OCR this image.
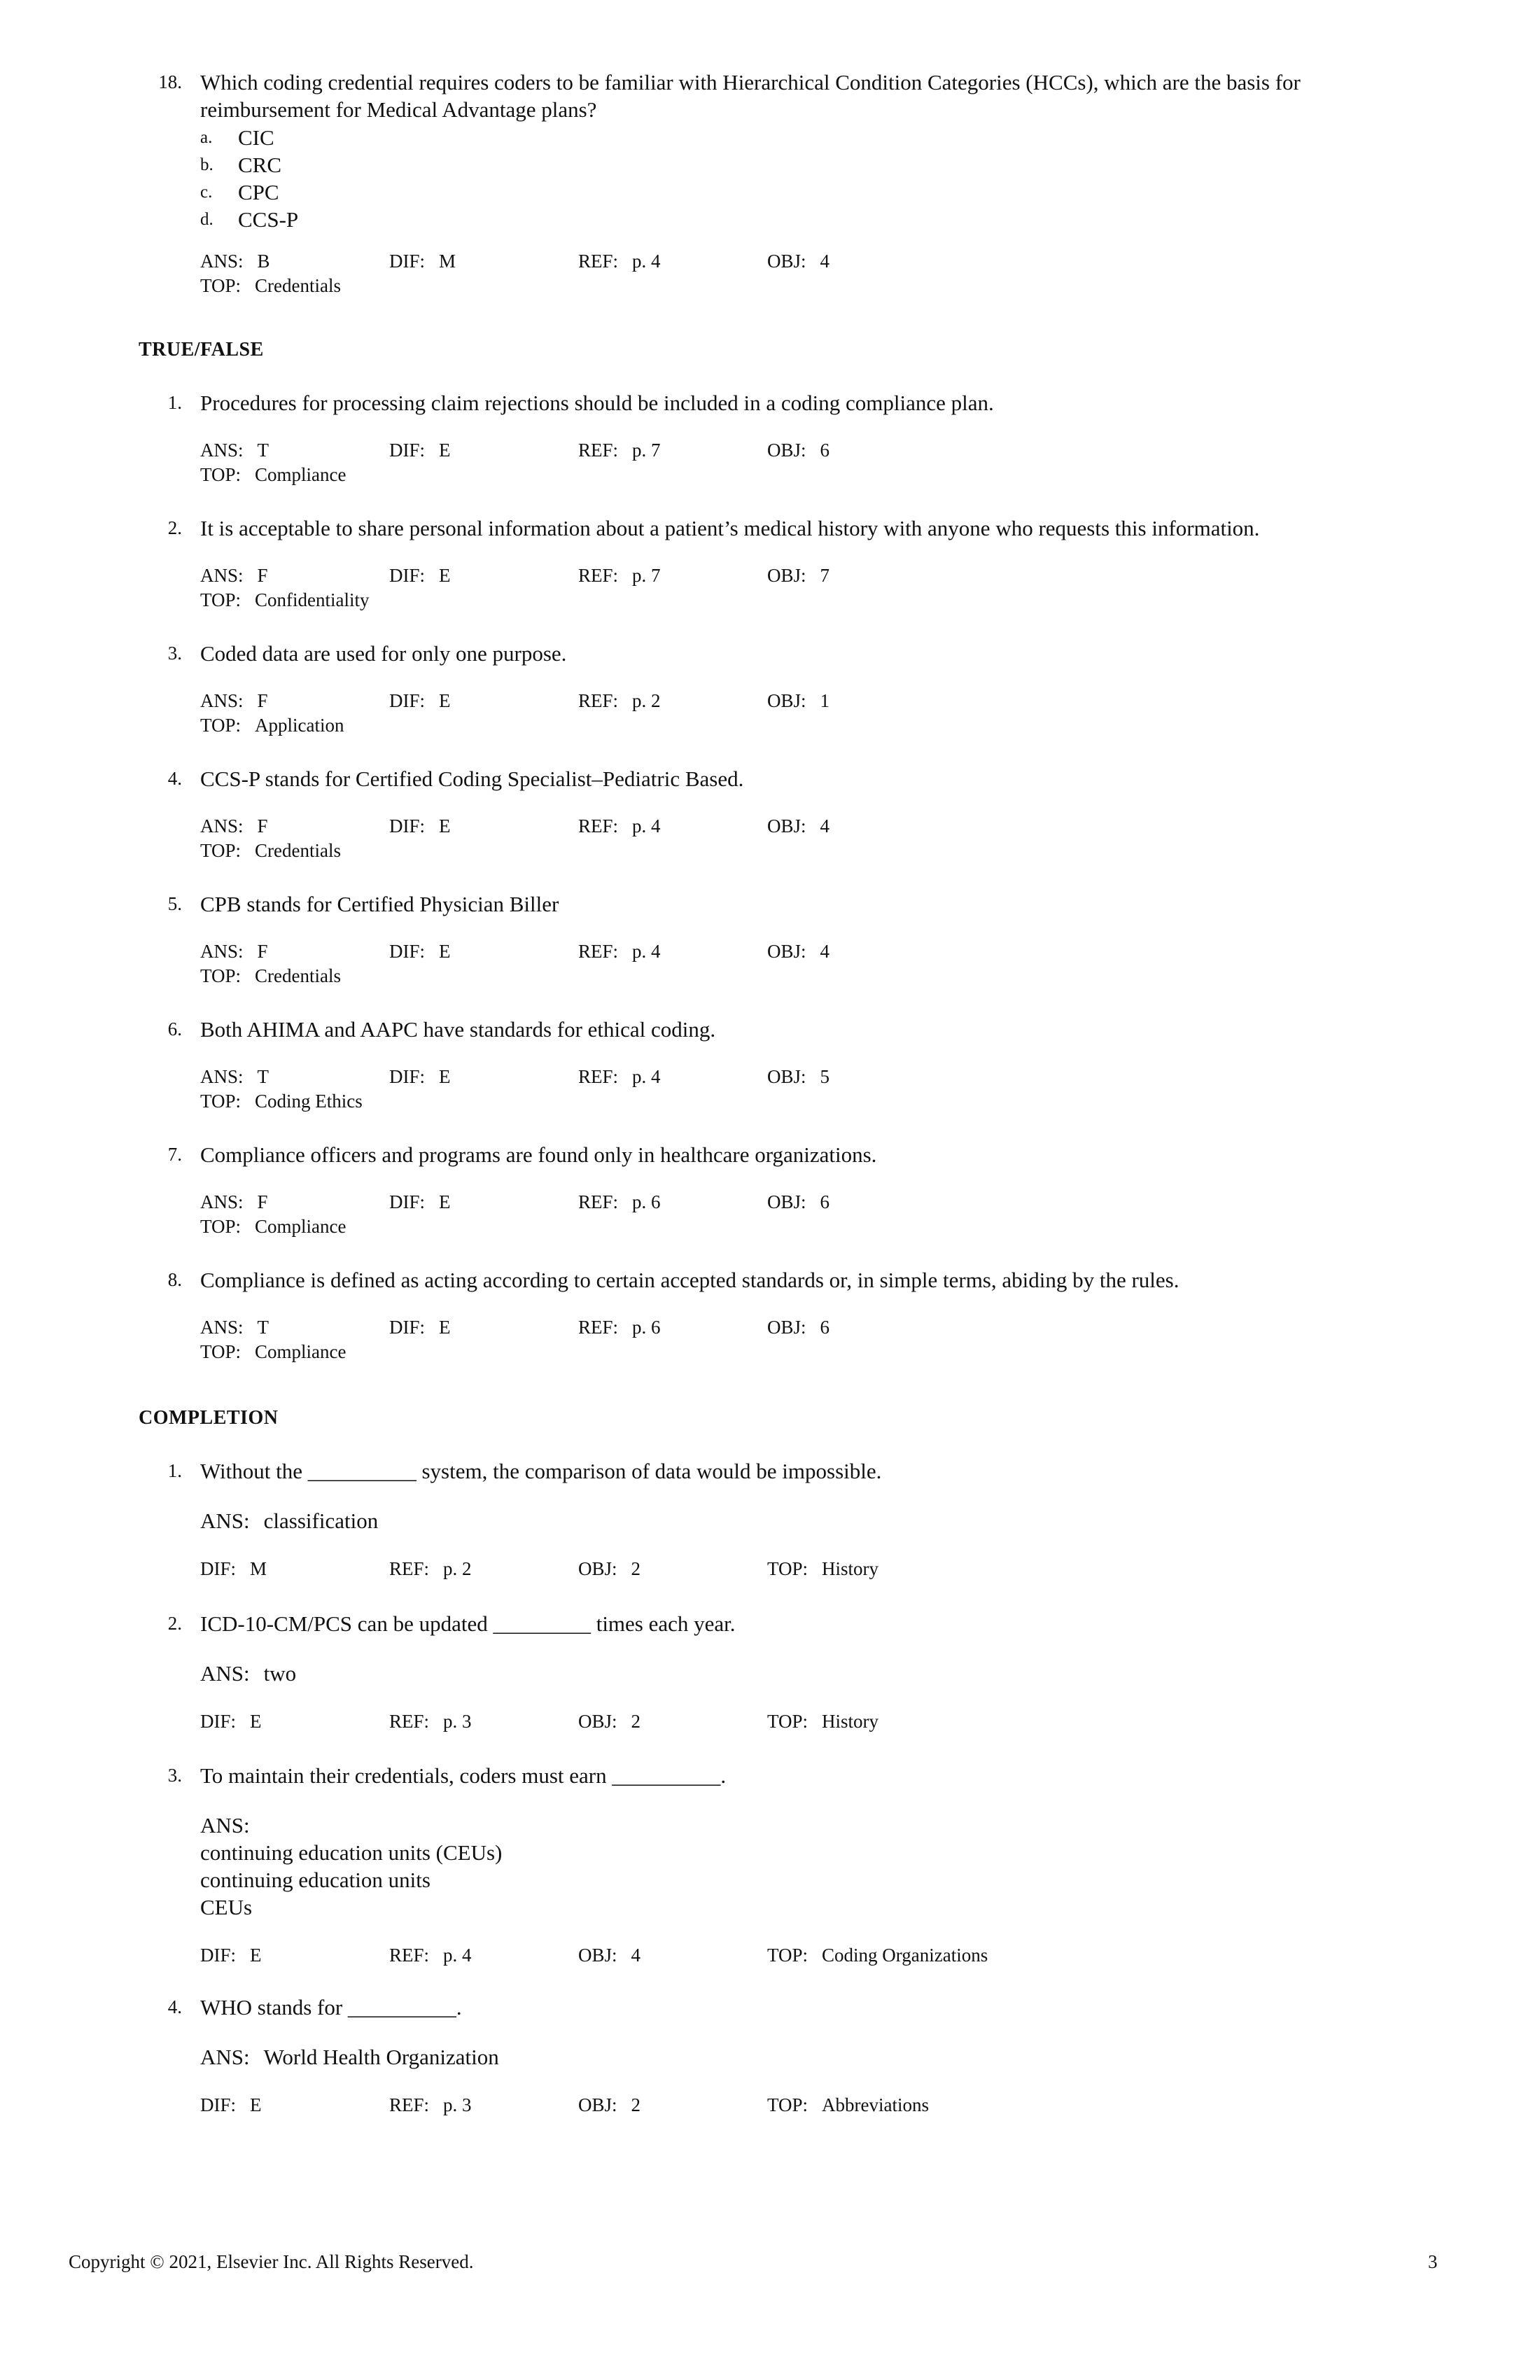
18. Which coding credential requires coders to be familiar with Hierarchical Condition Categories (HCCs), which are the basis for
reimbursement for Medical Advantage plans?
a. CIC
b. CRC
c. CPC
d. CCS-P
ANS: B	DIF: M	REF: p. 4	OBJ: 4
TOP: Credentials
TRUE/FALSE
1. Procedures for processing claim rejections should be included in a coding compliance plan.
ANS: T	DIF: E	REF: p. 7	OBJ: 6
TOP: Compliance
2. It is acceptable to share personal information about a patient’s medical history with anyone who requests this information.
ANS: F	DIF: E	REF: p. 7	OBJ: 7
TOP: Confidentiality
3. Coded data are used for only one purpose.
ANS: F	DIF: E	REF: p. 2	OBJ: 1
TOP: Application
4. CCS-P stands for Certified Coding Specialist–Pediatric Based.
ANS: F	DIF: E	REF: p. 4	OBJ: 4
TOP: Credentials
5. CPB stands for Certified Physician Biller
ANS: F	DIF: E	REF: p. 4	OBJ: 4
TOP: Credentials
6. Both AHIMA and AAPC have standards for ethical coding.
ANS: T	DIF: E	REF: p. 4	OBJ: 5
TOP: Coding Ethics
7. Compliance officers and programs are found only in healthcare organizations.
ANS: F	DIF: E	REF: p. 6	OBJ: 6
TOP: Compliance
8. Compliance is defined as acting according to certain accepted standards or, in simple terms, abiding by the rules.
ANS: T	DIF: E	REF: p. 6	OBJ: 6
TOP: Compliance
COMPLETION
1. Without the __________ system, the comparison of data would be impossible.
ANS: classification
DIF: M	REF: p. 2	OBJ: 2	TOP: History
2. ICD-10-CM/PCS can be updated _________ times each year.
ANS: two
DIF: E	REF: p. 3	OBJ: 2	TOP: History
3. To maintain their credentials, coders must earn __________.
ANS:
continuing education units (CEUs)
continuing education units
CEUs
DIF: E	REF: p. 4	OBJ: 4	TOP: Coding Organizations
4. WHO stands for __________.
ANS: World Health Organization
DIF: E	REF: p. 3	OBJ: 2	TOP: Abbreviations
Copyright © 2021, Elsevier Inc. All Rights Reserved.	3
